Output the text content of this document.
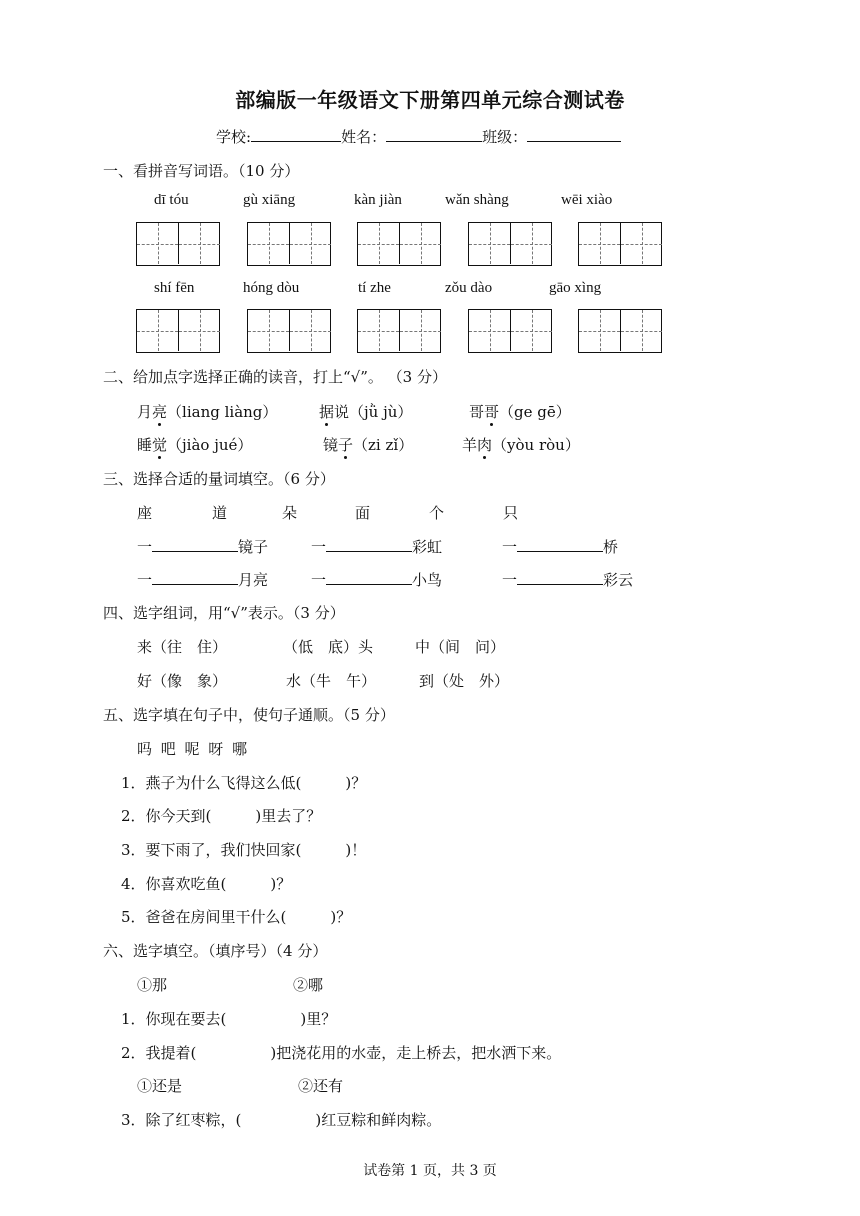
部编版一年级语文下册第四单元综合测试卷
学校:	姓名：	班级：
一、看拼音写词语。（10 分）
dī tóu	gù xiāng	kàn jiàn	wǎn shàng	wēi xiào
shí fēn	hóng dòu	tí zhe	zǒu dào	gāo xìng
二、给加点字选择正确的读音，打上“√”。 （3 分）
月亮（liang liàng）	据说（jǜ jù）	哥哥（ge gē）
睡觉（jiào jué）	镜子（zi zǐ）	羊肉（yòu ròu）
三、选择合适的量词填空。（6 分）
座	道	朵	面	个	只
一	镜子	一	彩虹	一	桥
一	月亮	一	小鸟	一	彩云
四、选字组词，用“√”表示。（3 分）
来（往　住）	（低　底）头	中（间　问）
好（像　象）	水（牛　午）	到（处　外）
五、选字填在句子中，使句子通顺。（5 分）
吗 吧 呢 呀 哪
1．燕子为什么飞得这么低(	)？
2．你今天到(	)里去了？
3．要下雨了，我们快回家(	)！
4．你喜欢吃鱼(	)？
5．爸爸在房间里干什么(	)？
六、选字填空。（填序号）（4 分）
①那	②哪
1．你现在要去(	)里？
2．我提着(	)把浇花用的水壶，走上桥去，把水洒下来。
①还是	②还有
3．除了红枣粽，(	)红豆粽和鲜肉粽。
试卷第 1 页，共 3 页
